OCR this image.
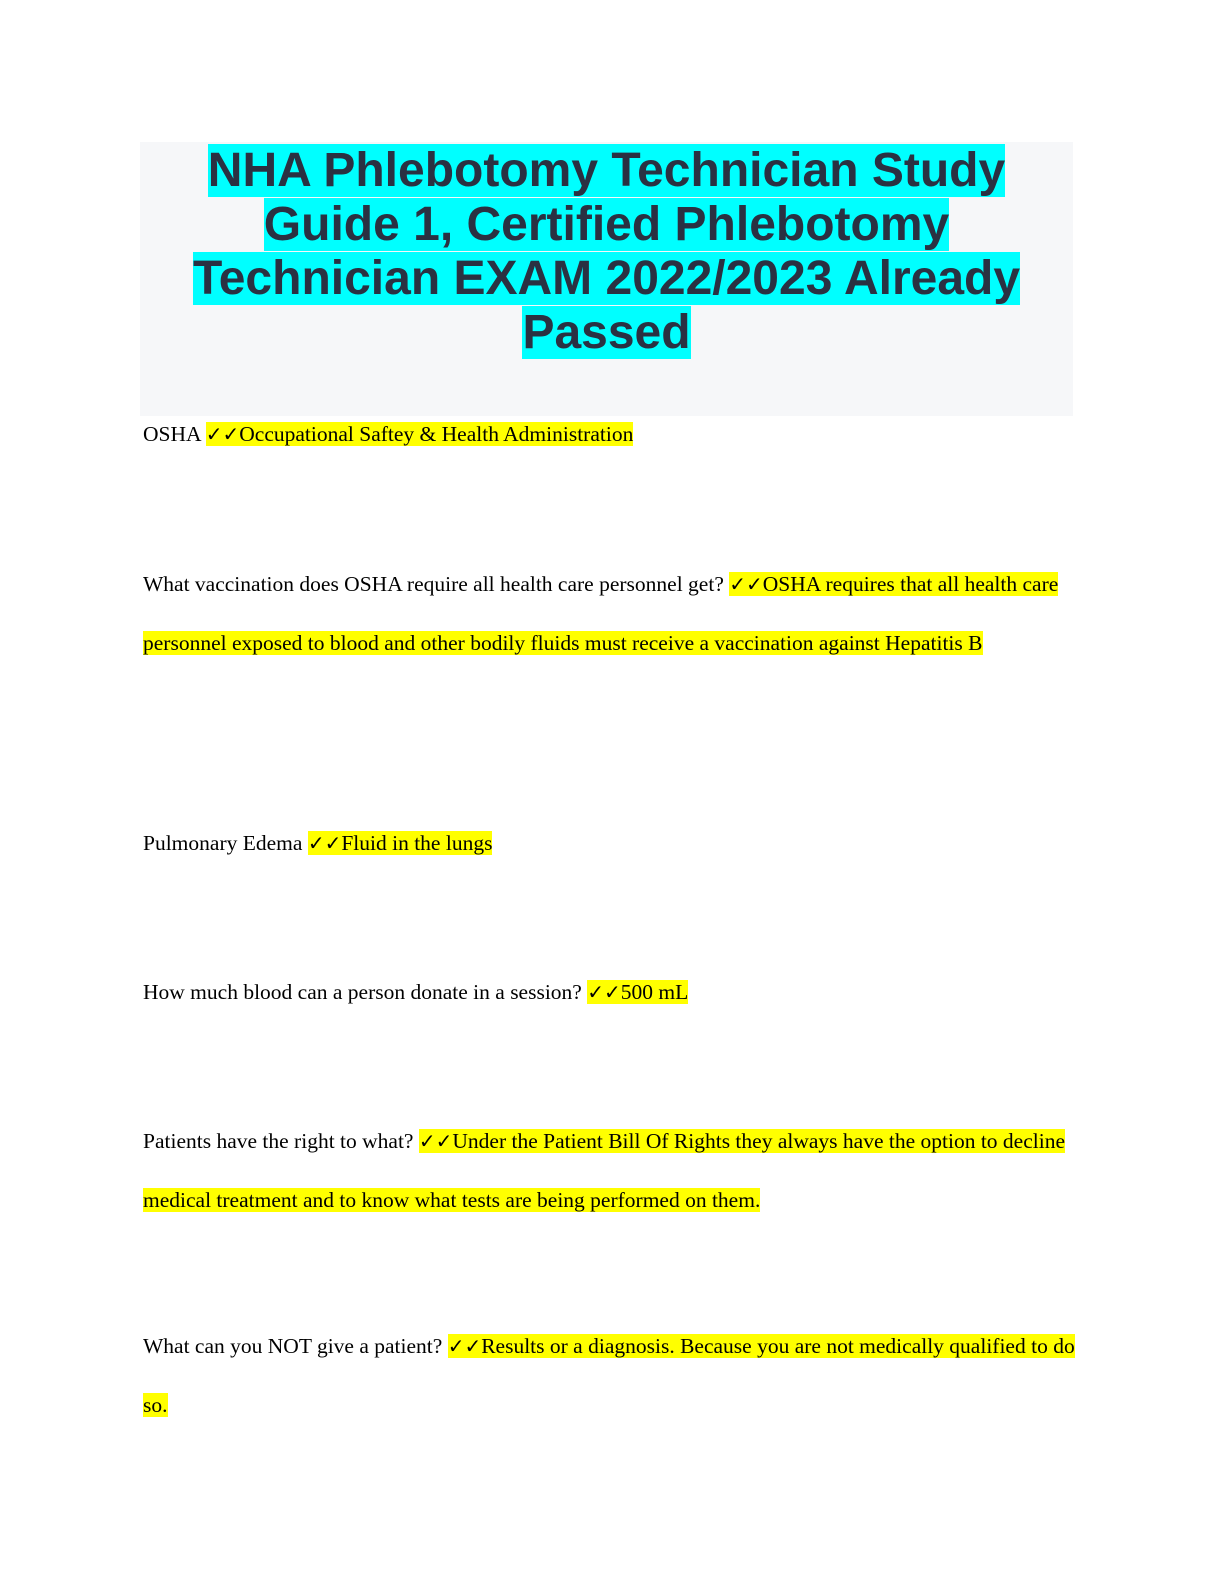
NHA Phlebotomy Technician Study Guide 1, Certified Phlebotomy Technician EXAM 2022/2023 Already Passed

OSHA ✓✓Occupational Saftey & Health Administration

What vaccination does OSHA require all health care personnel get? ✓✓OSHA requires that all health care personnel exposed to blood and other bodily fluids must receive a vaccination against Hepatitis B

Pulmonary Edema ✓✓Fluid in the lungs

How much blood can a person donate in a session? ✓✓500 mL

Patients have the right to what? ✓✓Under the Patient Bill Of Rights they always have the option to decline medical treatment and to know what tests are being performed on them.

What can you NOT give a patient? ✓✓Results or a diagnosis. Because you are not medically qualified to do so.
